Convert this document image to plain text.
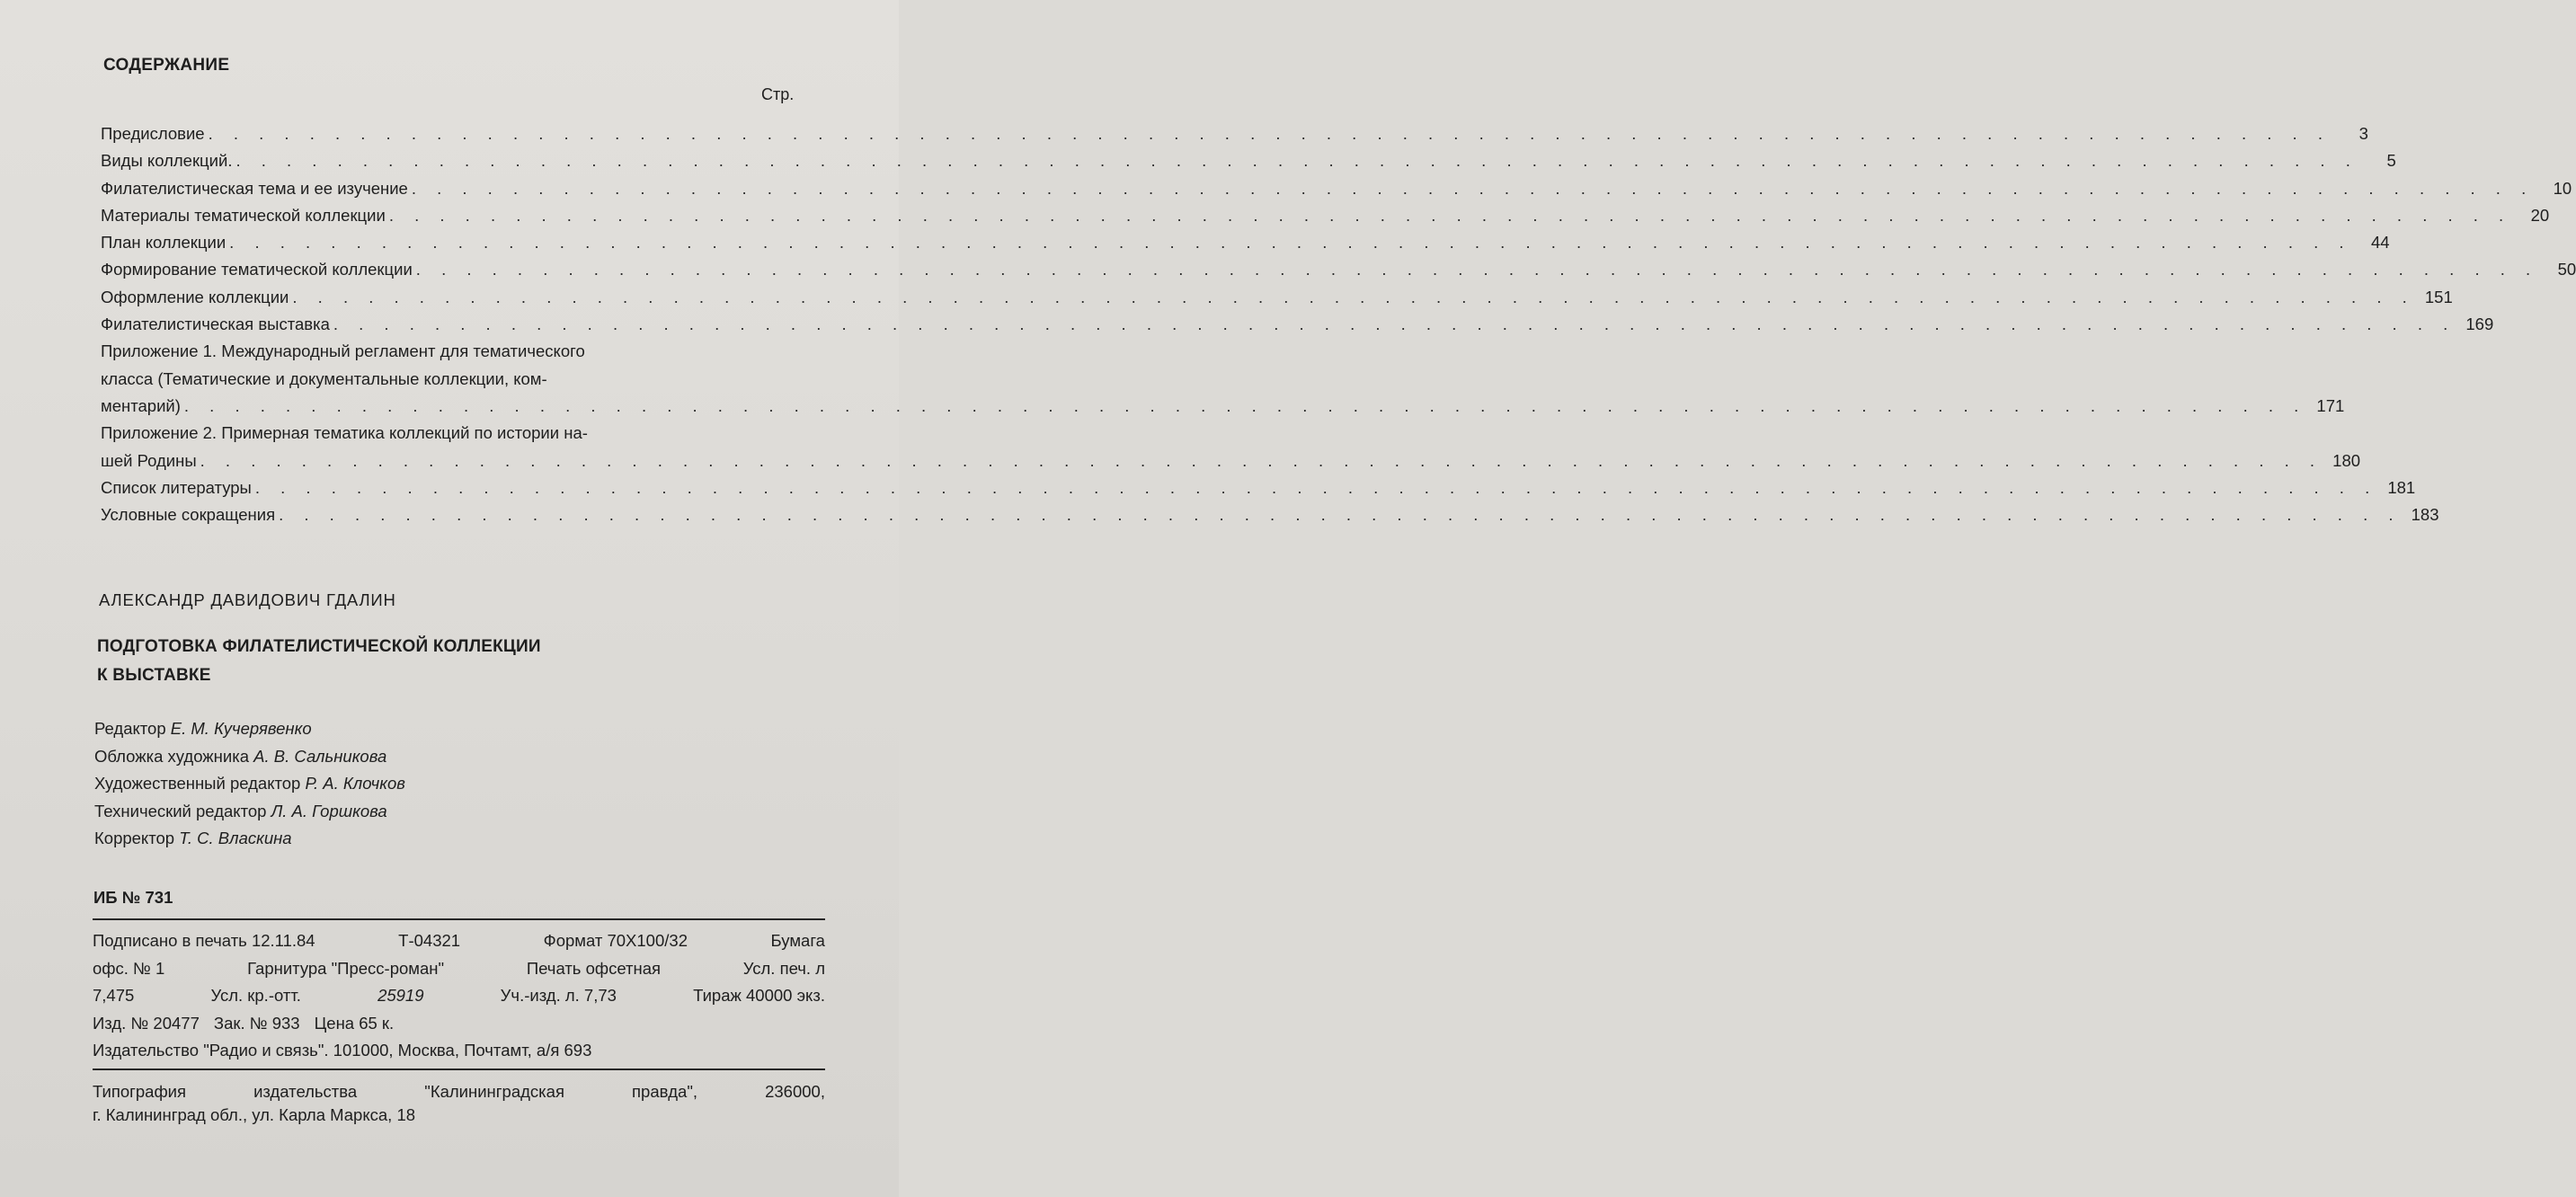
СОДЕРЖАНИЕ
Стр.
Предисловие . . . . . . . . . . . . . . . . . . . . . . . . . . . . . . . . . . . . . . . . . . . . . . . . . . . . . . . . . . . . . . . . . . . . . . . . . . . . . . . . . . . .	3
Виды коллекций. . . . . . . . . . . . . . . . . . . . . . . . . . . . . . . . . . . . . . . . . . . . . . . . . . . . . . . . . . . . . . . . . . . . . . . . . . . . . . . . . . . . .	5
Филателистическая тема и ее изучение . . . . . . . . . . . . . . . . . . . . . . . . . . . . . . . . . . . . . . . . . . . . . . . . . . . . . . . . . . . . . . . . . . . . . . . . . . . . . . . . . . . .	10
Материалы тематической коллекции . . . . . . . . . . . . . . . . . . . . . . . . . . . . . . . . . . . . . . . . . . . . . . . . . . . . . . . . . . . . . . . . . . . . . . . . . . . . . . . . . . . .	20
План коллекции . . . . . . . . . . . . . . . . . . . . . . . . . . . . . . . . . . . . . . . . . . . . . . . . . . . . . . . . . . . . . . . . . . . . . . . . . . . . . . . . . . . .	44
Формирование тематической коллекции . . . . . . . . . . . . . . . . . . . . . . . . . . . . . . . . . . . . . . . . . . . . . . . . . . . . . . . . . . . . . . . . . . . . . . . . . . . . . . . . . . . .	50
Оформление коллекции . . . . . . . . . . . . . . . . . . . . . . . . . . . . . . . . . . . . . . . . . . . . . . . . . . . . . . . . . . . . . . . . . . . . . . . . . . . . . . . . . . . . 151
Филателистическая выставка . . . . . . . . . . . . . . . . . . . . . . . . . . . . . . . . . . . . . . . . . . . . . . . . . . . . . . . . . . . . . . . . . . . . . . . . . . . . . . . . . . . . 169
Приложение 1. Международный регламент для тематического
класса (Тематические и документальные коллекции, ком-
ментарий) . . . . . . . . . . . . . . . . . . . . . . . . . . . . . . . . . . . . . . . . . . . . . . . . . . . . . . . . . . . . . . . . . . . . . . . . . . . . . . . . . . . . 171
Приложение 2. Примерная тематика коллекций по истории на-
шей Родины . . . . . . . . . . . . . . . . . . . . . . . . . . . . . . . . . . . . . . . . . . . . . . . . . . . . . . . . . . . . . . . . . . . . . . . . . . . . . . . . . . . . 180
Список литературы . . . . . . . . . . . . . . . . . . . . . . . . . . . . . . . . . . . . . . . . . . . . . . . . . . . . . . . . . . . . . . . . . . . . . . . . . . . . . . . . . . . . 181
Условные сокращения . . . . . . . . . . . . . . . . . . . . . . . . . . . . . . . . . . . . . . . . . . . . . . . . . . . . . . . . . . . . . . . . . . . . . . . . . . . . . . . . . . . . 183
АЛЕКСАНДР ДАВИДОВИЧ ГДАЛИН
ПОДГОТОВКА ФИЛАТЕЛИСТИЧЕСКОЙ КОЛЛЕКЦИИ
К ВЫСТАВКЕ
Редактор Е. М. Кучерявенко
Обложка художника А. В. Сальникова
Художественный редактор Р. А. Клочков
Технический редактор Л. А. Горшкова
Корректор Т. С. Власкина
ИБ № 731
Подписано в печать 12.11.84	Т-04321	Формат 70Х100/32	Бумага
офс. № 1	Гарнитура "Пресс-роман"	Печать офсетная	Усл. печ. л
7,475	Усл. кр.-отт.	25919	Уч.-изд. л. 7,73	Тираж 40000 экз.
Изд. № 20477 Зак. № 933 Цена 65 к.
Издательство "Радио и связь". 101000, Москва, Почтамт, а/я 693
Типография	издательства	"Калининградская	правда",	236000,
г. Калининград обл., ул. Карла Маркса, 18
